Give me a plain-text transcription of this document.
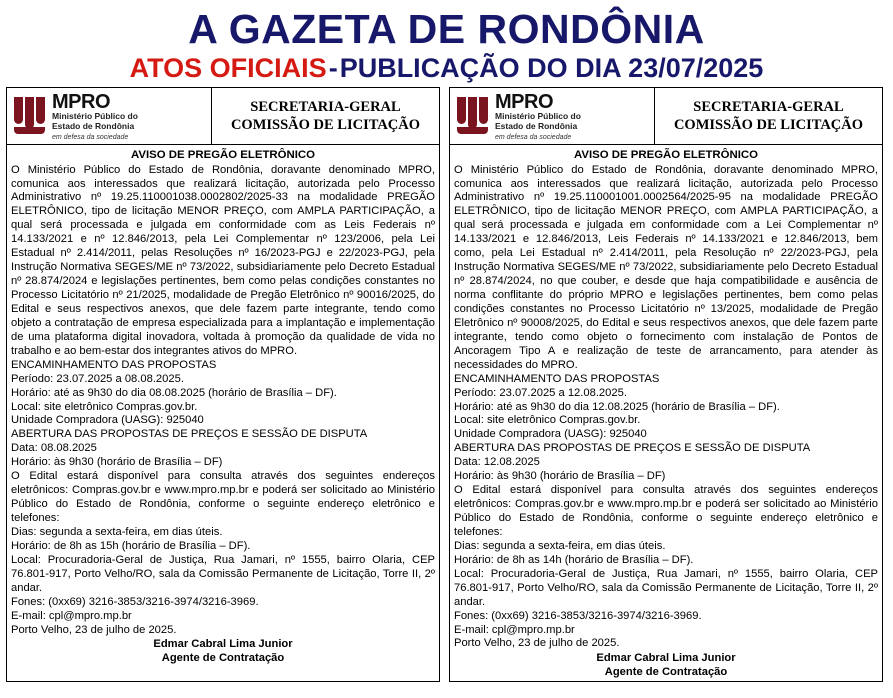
A GAZETA DE RONDÔNIA
ATOS OFICIAIS-PUBLICAÇÃO DO DIA 23/07/2025
MPRO
Ministério Público do
Estado de Rondônia
em defesa da sociedade
SECRETARIA-GERAL
COMISSÃO DE LICITAÇÃO
AVISO DE PREGÃO ELETRÔNICO

O Ministério Público do Estado de Rondônia, doravante denominado MPRO, comunica aos interessados que realizará licitação, autorizada pelo Processo Administrativo nº 19.25.110001038.0002802/2025-33 na modalidade PREGÃO ELETRÔNICO, tipo de licitação MENOR PREÇO, com AMPLA PARTICIPAÇÃO, a qual será processada e julgada em conformidade com as Leis Federais nº 14.133/2021 e nº 12.846/2013, pela Lei Complementar nº 123/2006, pela Lei Estadual nº 2.414/2011, pelas Resoluções nº 16/2023-PGJ e 22/2023-PGJ, pela Instrução Normativa SEGES/ME nº 73/2022, subsidiariamente pelo Decreto Estadual nº 28.874/2024 e legislações pertinentes, bem como pelas condições constantes no Processo Licitatório nº 21/2025, modalidade de Pregão Eletrônico nº 90016/2025, do Edital e seus respectivos anexos, que dele fazem parte integrante, tendo como objeto a contratação de empresa especializada para a implantação e implementação de uma plataforma digital inovadora, voltada à promoção da qualidade de vida no trabalho e ao bem-estar dos integrantes ativos do MPRO.

ENCAMINHAMENTO DAS PROPOSTAS

Período: 23.07.2025 a 08.08.2025.

Horário: até as 9h30 do dia 08.08.2025 (horário de Brasília – DF).

Local: site eletrônico Compras.gov.br.

Unidade Compradora (UASG): 925040

ABERTURA DAS PROPOSTAS DE PREÇOS E SESSÃO DE DISPUTA

Data: 08.08.2025

Horário: às 9h30 (horário de Brasília – DF)

O Edital estará disponível para consulta através dos seguintes endereços eletrônicos: Compras.gov.br e www.mpro.mp.br e poderá ser solicitado ao Ministério Público do Estado de Rondônia, conforme o seguinte endereço eletrônico e telefones:

Dias: segunda a sexta-feira, em dias úteis.

Horário: de 8h as 15h (horário de Brasília – DF).

Local: Procuradoria-Geral de Justiça, Rua Jamari, nº 1555, bairro Olaria, CEP 76.801-917, Porto Velho/RO, sala da Comissão Permanente de Licitação, Torre II, 2º andar.

Fones: (0xx69) 3216-3853/3216-3974/3216-3969.

E-mail: cpl@mpro.mp.br

Porto Velho, 23 de julho de 2025.

Edmar Cabral Lima Junior
Agente de Contratação
MPRO
Ministério Público do
Estado de Rondônia
em defesa da sociedade
SECRETARIA-GERAL
COMISSÃO DE LICITAÇÃO
AVISO DE PREGÃO ELETRÔNICO

O Ministério Público do Estado de Rondônia, doravante denominado MPRO, comunica aos interessados que realizará licitação, autorizada pelo Processo Administrativo nº 19.25.110001001.0002564/2025-95 na modalidade PREGÃO ELETRÔNICO, tipo de licitação MENOR PREÇO, com AMPLA PARTICIPAÇÃO, a qual será processada e julgada em conformidade com a Lei Complementar nº 14.133/2021 e 12.846/2013, Leis Federais nº 14.133/2021 e 12.846/2013, bem como, pela Lei Estadual nº 2.414/2011, pela Resolução nº 22/2023-PGJ, pela Instrução Normativa SEGES/ME nº 73/2022, subsidiariamente pelo Decreto Estadual nº 28.874/2024, no que couber, e desde que haja compatibilidade e ausência de norma conflitante do próprio MPRO e legislações pertinentes, bem como pelas condições constantes no Processo Licitatório nº 13/2025, modalidade de Pregão Eletrônico nº 90008/2025, do Edital e seus respectivos anexos, que dele fazem parte integrante, tendo como objeto o fornecimento com instalação de Pontos de Ancoragem Tipo A e realização de teste de arrancamento, para atender às necessidades do MPRO.

ENCAMINHAMENTO DAS PROPOSTAS

Período: 23.07.2025 a 12.08.2025.

Horário: até as 9h30 do dia 12.08.2025 (horário de Brasília – DF).

Local: site eletrônico Compras.gov.br.

Unidade Compradora (UASG): 925040

ABERTURA DAS PROPOSTAS DE PREÇOS E SESSÃO DE DISPUTA

Data: 12.08.2025

Horário: às 9h30 (horário de Brasília – DF)

O Edital estará disponível para consulta através dos seguintes endereços eletrônicos: Compras.gov.br e www.mpro.mp.br e poderá ser solicitado ao Ministério Público do Estado de Rondônia, conforme o seguinte endereço eletrônico e telefones:

Dias: segunda a sexta-feira, em dias úteis.

Horário: de 8h as 14h (horário de Brasília – DF).

Local: Procuradoria-Geral de Justiça, Rua Jamari, nº 1555, bairro Olaria, CEP 76.801-917, Porto Velho/RO, sala da Comissão Permanente de Licitação, Torre II, 2º andar.

Fones: (0xx69) 3216-3853/3216-3974/3216-3969.

E-mail: cpl@mpro.mp.br

Porto Velho, 23 de julho de 2025.

Edmar Cabral Lima Junior
Agente de Contratação
